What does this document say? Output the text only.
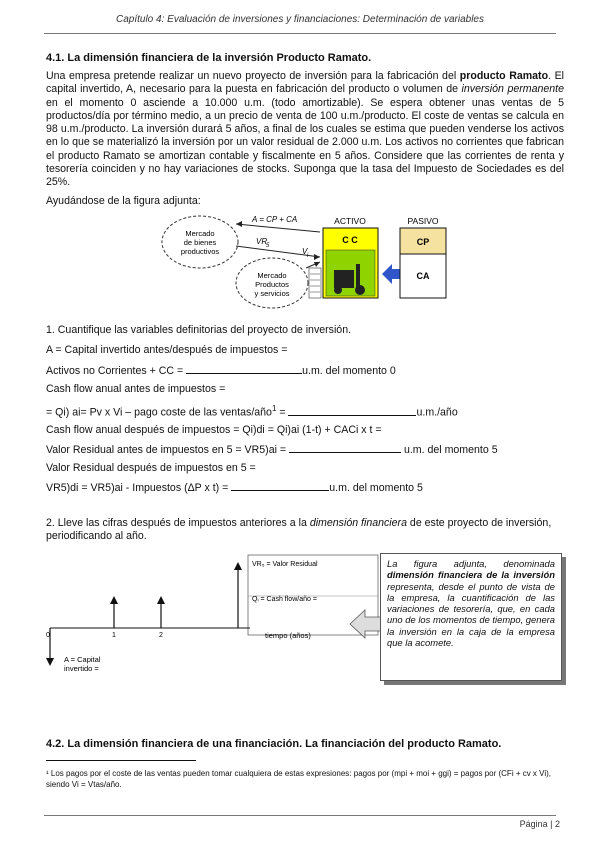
Capítulo 4: Evaluación de inversiones y financiaciones: Determinación de variables
4.1. La dimensión financiera de la inversión Producto Ramato.
Una empresa pretende realizar un nuevo proyecto de inversión para la fabricación del producto Ramato. El capital invertido, A, necesario para la puesta en fabricación del producto o volumen de inversión permanente en el momento 0 asciende a 10.000 u.m. (todo amortizable). Se espera obtener unas ventas de 5 productos/día por término medio, a un precio de venta de 100 u.m./producto. El coste de ventas se calcula en 98 u.m./producto. La inversión durará 5 años, a final de los cuales se estima que pueden venderse los activos en lo que se materializó la inversión por un valor residual de 2.000 u.m. Los activos no corrientes que fabrican el producto Ramato se amortizan contable y fiscalmente en 5 años. Considere que las corrientes de renta y tesorería coinciden y no hay variaciones de stocks. Suponga que la tasa del Impuesto de Sociedades es del 25%.
Ayudándose de la figura adjunta:
Mercado
de bienes
productivos
Mercado
Productos
y servicios
A = CP + CA
VR
5
V i
ACTIVO
C C
PASIVO
CP
CA
1. Cuantifique las variables definitorias del proyecto de inversión.
A = Capital invertido antes/después de impuestos =
Activos no Corrientes + CC =	u.m. del momento 0
Cash flow anual antes de impuestos =
= Qi) ai= Pv x Vi – pago coste de las ventas/año$^1$ =	u.m./año
Cash flow anual después de impuestos = Qi)di = Qi)ai (1-t) + CACi x t =
Valor Residual antes de impuestos en 5 = VR5)ai =	u.m. del momento 5
Valor Residual después de impuestos en 5 =
VR5)di = VR5)ai - Impuestos (ΔP x t) =	u.m. del momento 5
2. Lleve las cifras después de impuestos anteriores a la dimensión financiera de este proyecto de inversión, periodificando al año.
VR₅ = Valor Residual
Qᵢ = Cash flow/año =
0	1	2	tiempo (años)
A = Capital
invertido =
La figura adjunta, denominada dimensión financiera de la inversión representa, desde el punto de vista de la empresa, la cuantificación de las variaciones de tesorería, que, en cada uno de los momentos de tiempo, genera la inversión en la caja de la empresa que la acomete.
4.2. La dimensión financiera de una financiación. La financiación del producto Ramato.
¹ Los pagos por el coste de las ventas pueden tomar cualquiera de estas expresiones: pagos por (mpi + moi + ggi) = pagos por (CFi + cv x Vi), siendo Vi = Vtas/año.
Página | 2
